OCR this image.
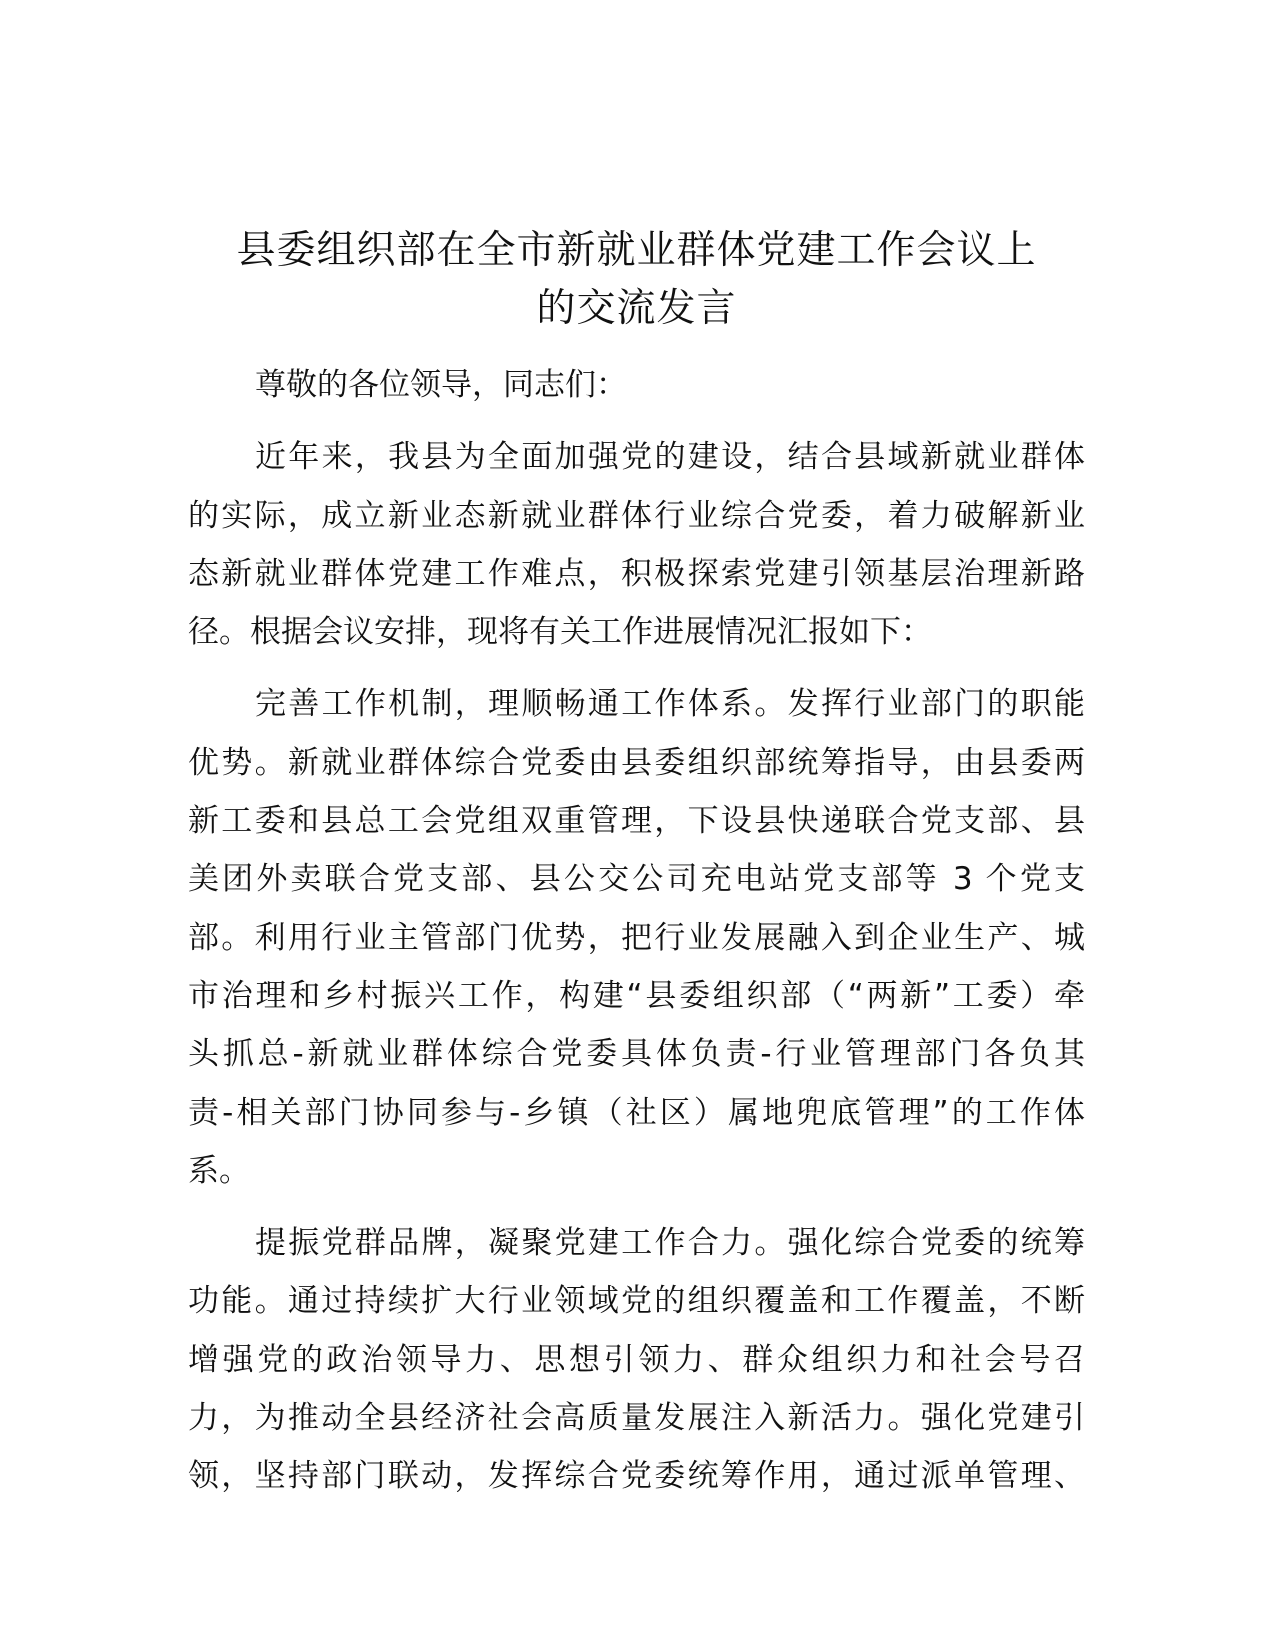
县委组织部在全市新就业群体党建工作会议上
的交流发言
尊敬的各位领导，同志们：
近年来，我县为全面加强党的建设，结合县域新就业群体
的实际，成立新业态新就业群体行业综合党委，着力破解新业
态新就业群体党建工作难点，积极探索党建引领基层治理新路
径。根据会议安排，现将有关工作进展情况汇报如下：
完善工作机制，理顺畅通工作体系。发挥行业部门的职能
优势。新就业群体综合党委由县委组织部统筹指导，由县委两
新工委和县总工会党组双重管理，下设县快递联合党支部、县
美团外卖联合党支部、县公交公司充电站党支部等 3 个党支
部。利用行业主管部门优势，把行业发展融入到企业生产、城
市治理和乡村振兴工作，构建“县委组织部（“两新”工委）牵
头抓总-新就业群体综合党委具体负责-行业管理部门各负其
责-相关部门协同参与-乡镇（社区）属地兜底管理”的工作体
系。
提振党群品牌，凝聚党建工作合力。强化综合党委的统筹
功能。通过持续扩大行业领域党的组织覆盖和工作覆盖，不断
增强党的政治领导力、思想引领力、群众组织力和社会号召
力，为推动全县经济社会高质量发展注入新活力。强化党建引
领，坚持部门联动，发挥综合党委统筹作用，通过派单管理、
